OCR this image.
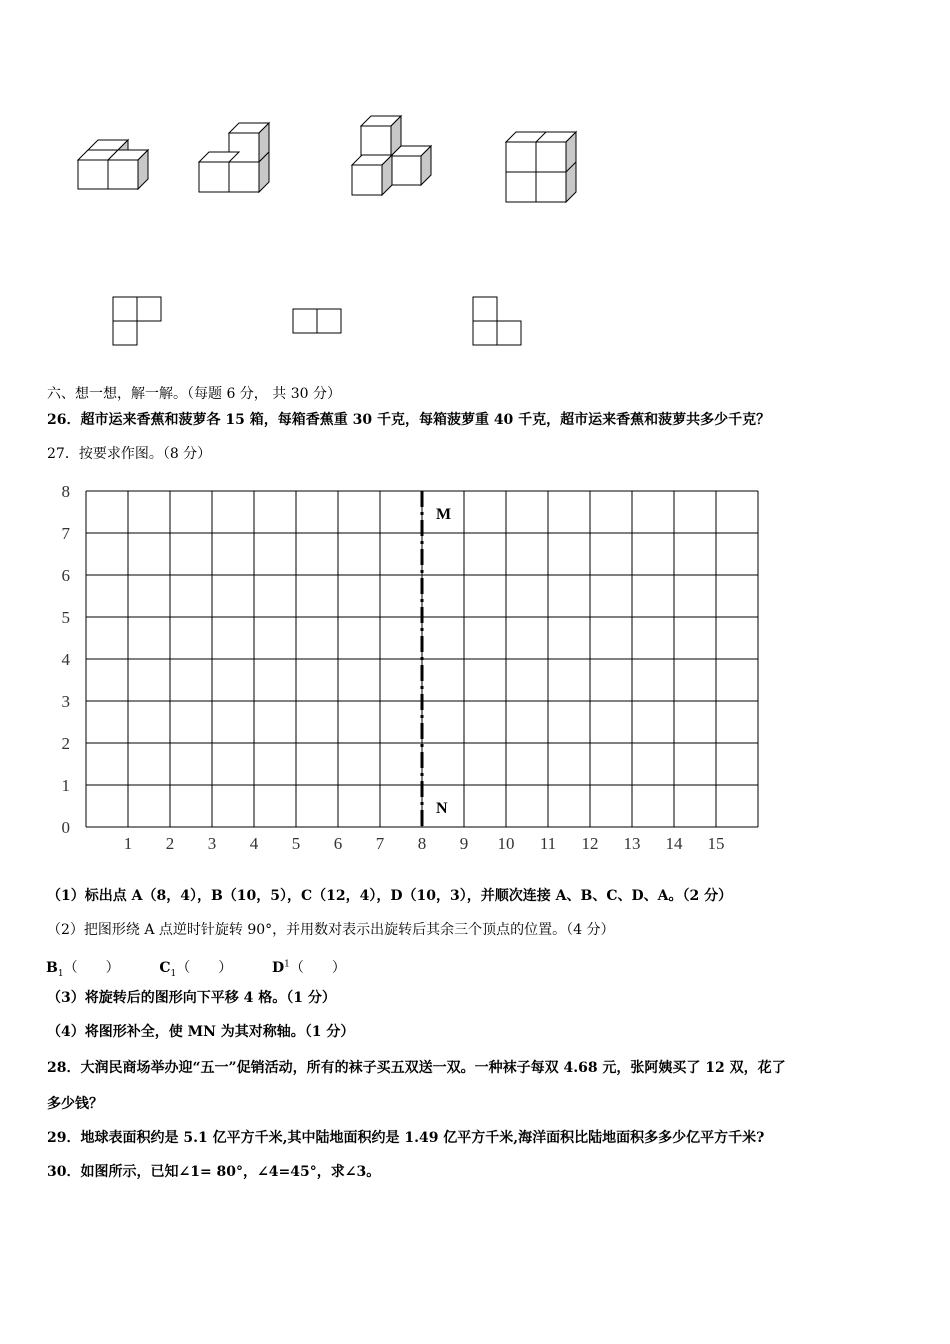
六、想一想，解一解。（每题 6 分， 共 30 分）
26．超市运来香蕉和菠萝各 15 箱，每箱香蕉重 30 千克，每箱菠萝重 40 千克，超市运来香蕉和菠萝共多少千克？
27．按要求作图。（8 分）
M
N
1 2 3 4 5 6 7 8 9 10 11 12 13 14 15
0
1
2
3
4
5
6
7
8
（1）标出点 A（8，4），B（10，5），C（12，4），D（10，3），并顺次连接 A、B、C、D、A。（2 分）
（2）把图形绕 A 点逆时针旋转 90°，并用数对表示出旋转后其余三个顶点的位置。（4 分）
$B_1$（　　）	$C_1$（　　）	$D^1$（　　）
（3）将旋转后的图形向下平移 4 格。（1 分）
（4）将图形补全，使 MN 为其对称轴。（1 分）
28．大润民商场举办迎“五一”促销活动，所有的袜子买五双送一双。一种袜子每双 4.68 元，张阿姨买了 12 双，花了
多少钱？
29．地球表面积约是 5.1 亿平方千米,其中陆地面积约是 1.49 亿平方千米,海洋面积比陆地面积多多少亿平方千米?
30．如图所示，已知∠1= 80°，∠4=45°，求∠3。
